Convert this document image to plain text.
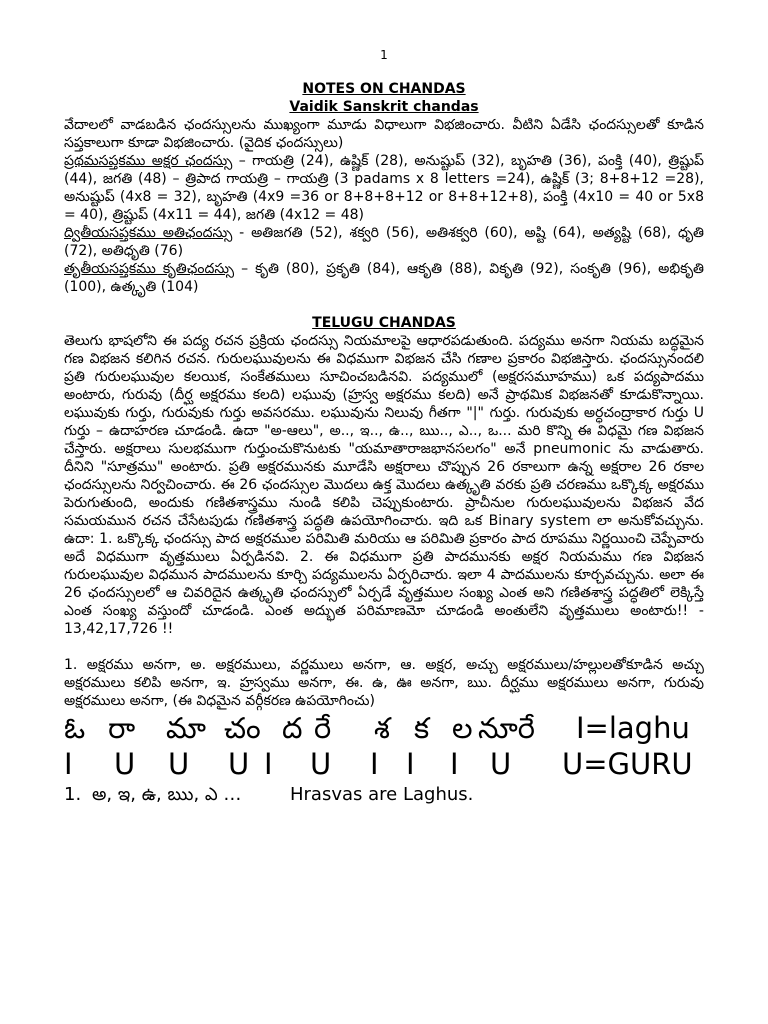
1

NOTES ON CHANDAS

Vaidik Sanskrit chandas

వేదాలలో వాడబడిన ఛందస్సులను ముఖ్యంగా మూడు విధాలుగా విభజించారు. వీటిని ఏడేసి ఛందస్సులతో కూడిన సప్తకాలుగా కూడా విభజించారు. (వైదిక ఛందస్సులు)

ప్రథమసప్తకము అక్షర ఛందస్సు – గాయత్రి (24), ఉష్ణిక్ (28), అనుష్టుప్ (32), బృహతి (36), పంక్తి (40), త్రిష్టుప్ (44), జగతి (48) – త్రిపాద గాయత్రి – గాయత్రి (3 padams x 8 letters =24), ఉష్ణిక్ (3; 8+8+12 =28), అనుష్టుప్ (4x8 = 32), బృహతి (4x9 =36 or 8+8+8+12 or 8+8+12+8), పంక్తి (4x10 = 40 or 5x8 = 40), త్రిష్టుప్ (4x11 = 44), జగతి (4x12 = 48)

ద్వితీయసప్తకము అతిఛందస్సు - అతిజగతి (52), శక్వరి (56), అతిశక్వరి (60), అష్టి (64), అత్యష్టి (68), ధృతి (72), అతిధృతి (76)

తృతీయసప్తకము కృతిఛందస్సు – కృతి (80), ప్రకృతి (84), ఆకృతి (88), వికృతి (92), సంకృతి (96), అభికృతి (100), ఉత్కృతి (104)

TELUGU CHANDAS

తెలుగు భాషలోని ఈ పద్య రచన ప్రక్రియ ఛందస్సు నియమాలపై ఆధారపడుతుంది. పద్యము అనగా నియమ బద్ధమైన గణ విభజన కలిగిన రచన. గురులఘువులను ఈ విధముగా విభజన చేసి గణాల ప్రకారం విభజిస్తారు. ఛందస్సునందలి ప్రతి గురులఘువుల కలయిక, సంకేతములు సూచించబడినవి. పద్యములో (అక్షరసమూహము) ఒక పద్యపాదము అంటారు, గురువు (దీర్ఘ అక్షరము కలది) లఘువు (హ్రస్వ అక్షరము కలది) అనే ప్రాథమిక విభజనతో కూడుకొన్నాయి. లఘువుకు గుర్తు, గురువుకు గుర్తు అవసరము. లఘువును నిలువు గీతగా "|" గుర్తు. గురువుకు అర్ధచంద్రాకార గుర్తు U గుర్తు – ఉదాహరణ చూడండి. ఉదా "అ-ఆలు", అ.., ఇ.., ఉ.., ఋ.., ఎ.., ఒ... మరి కొన్ని ఈ విధమై గణ విభజన చేస్తారు. అక్షరాలు సులభముగా గుర్తుంచుకొనుటకు "యమాతారాజభానసలగం" అనే pneumonic ను వాడుతారు. దీనిని "సూత్రము" అంటారు. ప్రతి అక్షరమునకు మూడేసి అక్షరాలు చొప్పున 26 రకాలుగా ఉన్న అక్షరాల 26 రకాల ఛందస్సులను నిర్వచించారు. ఈ 26 ఛందస్సుల మొదలు ఉక్త మొదలు ఉత్కృతి వరకు ప్రతి చరణము ఒక్కొక్క అక్షరము పెరుగుతుంది, అందుకు గణితశాస్త్రము నుండి కలిపి చెప్పుకుంటారు. ప్రాచీనుల గురులఘువులను విభజన వేద సమయమున రచన చేసేటపుడు గణితశాస్త్ర పద్ధతి ఉపయోగించారు. ఇది ఒక Binary system లా అనుకోవచ్చును. ఉదా: 1. ఒక్కొక్క ఛందస్సు పాద అక్షరముల పరిమితి మరియు ఆ పరిమితి ప్రకారం పాద రూపము నిర్ణయించి చెప్పేవారు అదే విధముగా వృత్తములు ఏర్పడినవి. 2. ఈ విధముగా ప్రతి పాదమునకు అక్షర నియమము గణ విభజన గురులఘువుల విధమున పాదములను కూర్చి పద్యములను ఏర్పరిచారు. ఇలా 4 పాదములను కూర్చవచ్చును. అలా ఈ 26 ఛందస్సులలో ఆ చివరిదైన ఉత్కృతి ఛందస్సులో ఏర్పడే వృత్తముల సంఖ్య ఎంత అని గణితశాస్త్ర పద్ధతిలో లెక్కిస్తే ఎంత సంఖ్య వస్తుందో చూడండి. ఎంత అద్భుత పరిమాణమో చూడండి అంతులేని వృత్తములు అంటారు!! - 13,42,17,726 !!

1. అక్షరము అనగా, అ. అక్షరములు, వర్ణములు అనగా, ఆ. అక్షర, అచ్చు అక్షరములు/హల్లులతోకూడిన అచ్చు అక్షరములు కలిపి అనగా, ఇ. హ్రస్వము అనగా, ఈ. ఉ, ఊ అనగా, ఋ. దీర్ఘము అక్షరములు అనగా, గురువు అక్షరములు అనగా, (ఈ విధమైన వర్గీకరణ ఉపయోగించు)

ఓ రా మా చం ద రే శ క ల నూరే I=laghu
I U U U I U I I I U U=GURU
1. అ, ఇ, ఉ, ఋ, ఎ …	Hrasvas are Laghus.
